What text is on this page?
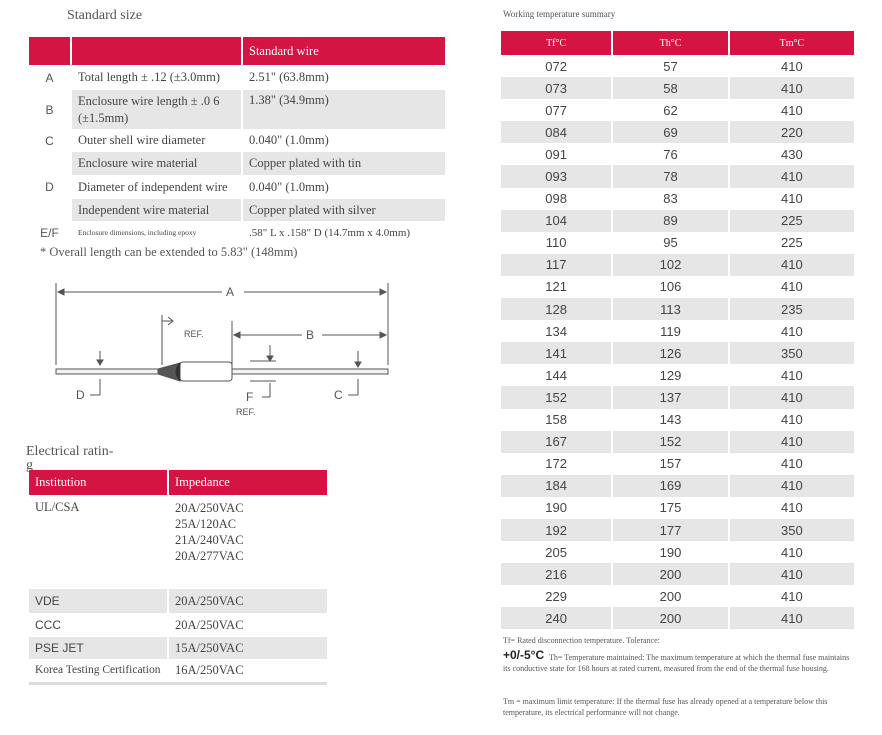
Standard size
		Standard wire
A	Total length ± .12 (±3.0mm)	2.51" (63.8mm)
B	Enclosure wire length ± .0 6 (±1.5mm)	1.38" (34.9mm)
C	Outer shell wire diameter	0.040" (1.0mm)
	Enclosure wire material	Copper plated with tin
D	Diameter of independent wire	0.040" (1.0mm)
	Independent wire material	Copper plated with silver
E/F	Enclosure dimensions, including epoxy	.58" L x .158" D (14.7mm x 4.0mm)
* Overall length can be extended to 5.83" (148mm)
A
B
REF.
D	F
REF.
C
Electrical ratin-g
Institution	Impedance
UL/CSA	20A/250VAC
25A/120AC
21A/240VAC
20A/277VAC

VDE	20A/250VAC
CCC	20A/250VAC
PSE JET	15A/250VAC
Korea Testing Certification	16A/250VAC
Working temperature summary
Tf°C	Th°C	Tm°C
072	57	410
073	58	410
077	62	410
084	69	220
091	76	430
093	78	410
098	83	410
104	89	225
110	95	225
117	102	410
121	106	410
128	113	235
134	119	410
141	126	350
144	129	410
152	137	410
158	143	410
167	152	410
172	157	410
184	169	410
190	175	410
192	177	350
205	190	410
216	200	410
229	200	410
240	200	410
Tf= Rated disconnection temperature. Tolerance:
+0/-5°C Th= Temperature maintained: The maximum temperature at which the thermal fuse maintains its conductive state for 168 hours at rated current, measured from the end of the thermal fuse housing.
Tm = maximum limit temperature: If the thermal fuse has already opened at a temperature below this temperature, its electrical performance will not change.
